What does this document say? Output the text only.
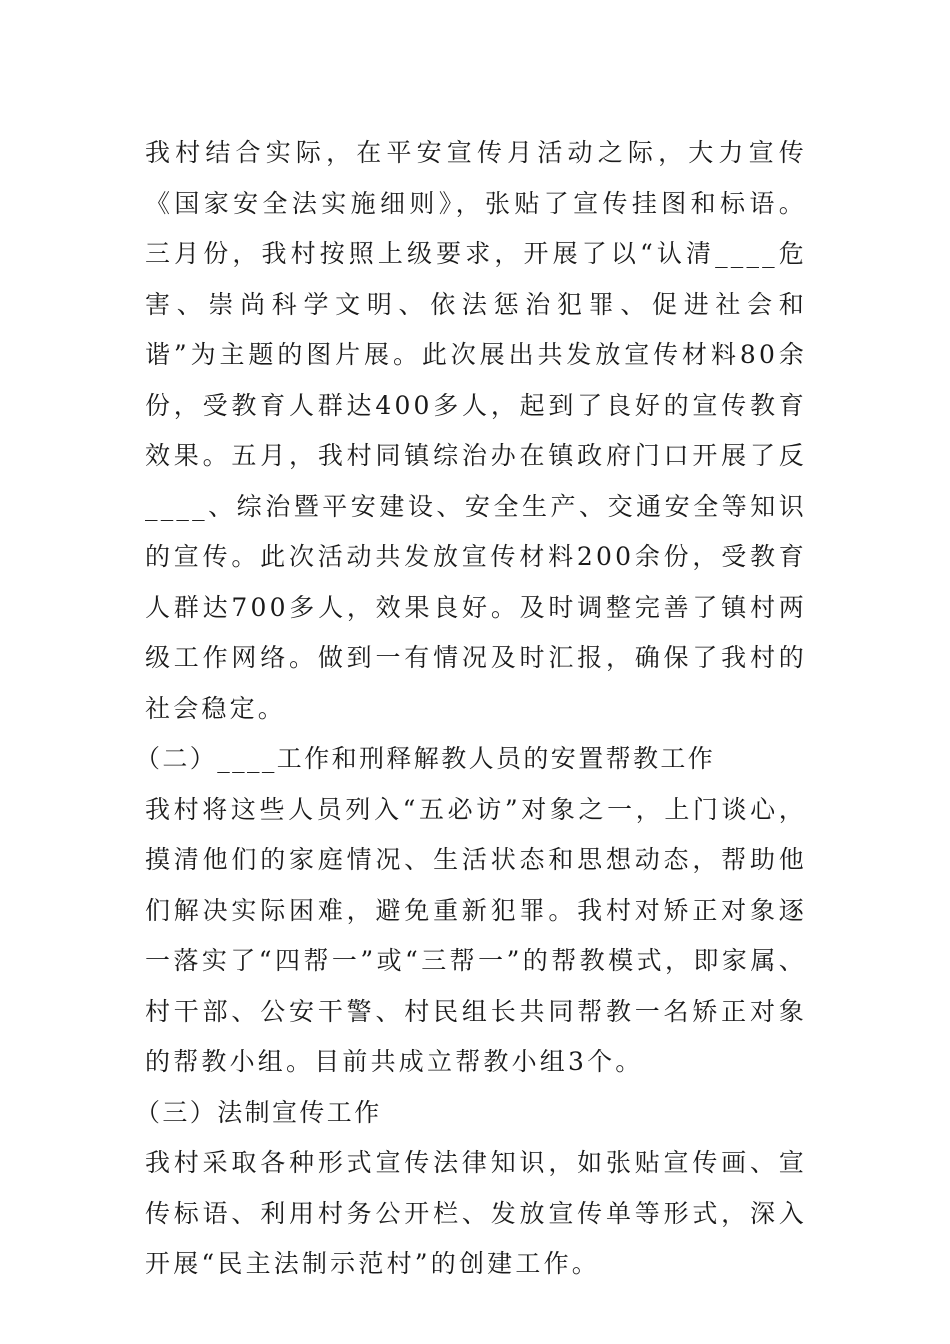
我村结合实际，在平安宣传月活动之际，大力宣传《国家安全法实施细则》，张贴了宣传挂图和标语。三月份，我村按照上级要求，开展了以“认清____危害、崇尚科学文明、依法惩治犯罪、促进社会和谐”为主题的图片展。此次展出共发放宣传材料80余份，受教育人群达400多人，起到了良好的宣传教育效果。五月，我村同镇综治办在镇政府门口开展了反____、综治暨平安建设、安全生产、交通安全等知识的宣传。此次活动共发放宣传材料200余份，受教育人群达700多人，效果良好。及时调整完善了镇村两级工作网络。做到一有情况及时汇报，确保了我村的社会稳定。

（二）____工作和刑释解教人员的安置帮教工作

我村将这些人员列入“五必访”对象之一，上门谈心，摸清他们的家庭情况、生活状态和思想动态，帮助他们解决实际困难，避免重新犯罪。我村对矫正对象逐一落实了“四帮一”或“三帮一”的帮教模式，即家属、村干部、公安干警、村民组长共同帮教一名矫正对象的帮教小组。目前共成立帮教小组3个。

（三）法制宣传工作

我村采取各种形式宣传法律知识，如张贴宣传画、宣传标语、利用村务公开栏、发放宣传单等形式，深入开展“民主法制示范村”的创建工作。
